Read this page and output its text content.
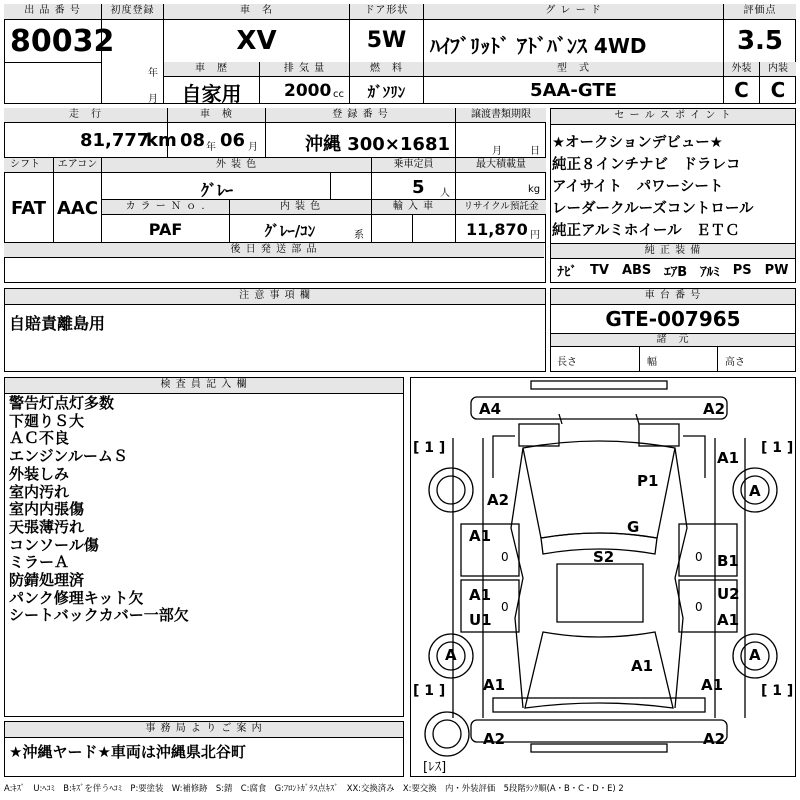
出 品 番 号
80032
初度登録
年
月
車　名
XV
ドア形状
5W
グ レ ー ド
ﾊｲﾌﾞﾘｯﾄﾞ ｱﾄﾞﾊﾞﾝｽ 4WD
評価点
3.5
車　歴
自家用
排 気 量
2000 cc
燃　料
ｶﾞｿﾘﾝ
型　式
5AA-GTE
外装
C
内装
C
走　行
81,777
km
車　検
08 年 06 月
登 録 番 号
沖縄 300×1681
譲渡書類期限
月	日
シフト
FAT
エアコン
AAC
外 装 色
ｸﾞﾚｰ
乗車定員
5 人
最大積載量
kg
カ ラ ー Ｎ ｏ .
PAF
内 装 色
ｸﾞﾚｰ/ｺﾝ	系
輸 入 車	リサイクル預託金
11,870 円
後 日 発 送 部 品
セ ー ル ス ポ イ ン ト
★オークションデビュー★
純正８インチナビ　ドラレコ
アイサイト　パワーシート
レーダークルーズコントロール
純正アルミホイール　ＥＴＣ
純 正 装 備
ﾅﾋﾞ TV ABS ｴｱB ｱﾙﾐ PS PW
注 意 事 項 欄
自賠責離島用
車 台 番 号
GTE-007965
諸　元
長さ	幅	高さ
検 査 員 記 入 欄
警告灯点灯多数
下廻りＳ大
ＡＣ不良
エンジンルームＳ
外装しみ
室内汚れ
室内内張傷
天張薄汚れ
コンソール傷
ミラーＡ
防錆処理済
パンク修理キット欠
シートバックカバー一部欠
A4	A2
A1
A
P1
A2
G
A1
S2	B1
A1	U2
U1	A1
A
A1
A1	A1
A2	A2
A
[ 1 ]	[ 1 ]
[ 1 ]	[ 1 ]
[ﾚｽ]
0	0
0	0
事 務 局 よ り ご 案 内
★沖縄ヤード★車両は沖縄県北谷町
A:ｷｽﾞ　U:ﾍｺﾐ　B:ｷｽﾞを伴うﾍｺﾐ　P:要塗装　W:補修跡　S:錆　C:腐食　G:ﾌﾛﾝﾄｶﾞﾗｽ点ｷｽﾞ　XX:交換済み　X:要交換　内・外装評価　5段階ﾗﾝｸ順(A・B・C・D・E) 2
